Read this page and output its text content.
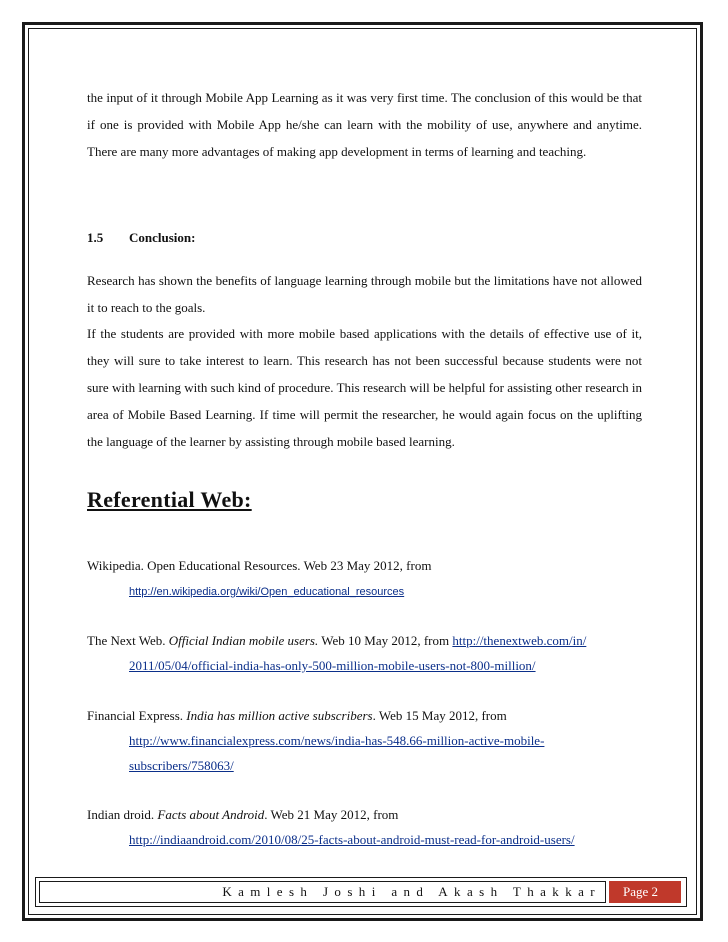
the input of it through Mobile App Learning as it was very first time. The conclusion of this would be that if one is provided with Mobile App he/she can learn with the mobility of use, anywhere and anytime. There are many more advantages of making app development in terms of learning and teaching.

1.5 Conclusion:

Research has shown the benefits of language learning through mobile but the limitations have not allowed it to reach to the goals.

If the students are provided with more mobile based applications with the details of effective use of it, they will sure to take interest to learn. This research has not been successful because students were not sure with learning with such kind of procedure. This research will be helpful for assisting other research in area of Mobile Based Learning. If time will permit the researcher, he would again focus on the uplifting the language of the learner by assisting through mobile based learning.

Referential Web:
Wikipedia. Open Educational Resources. Web 23 May 2012, from
http://en.wikipedia.org/wiki/Open_educational_resources
The Next Web. Official Indian mobile users. Web 10 May 2012, from http://thenextweb.com/in/
2011/05/04/official-india-has-only-500-million-mobile-users-not-800-million/
Financial Express. India has million active subscribers. Web 15 May 2012, from
http://www.financialexpress.com/news/india-has-548.66-million-active-mobile-
subscribers/758063/
Indian droid. Facts about Android. Web 21 May 2012, from
http://indiaandroid.com/2010/08/25-facts-about-android-must-read-for-android-users/
Kamlesh Joshi and Akash Thakkar	Page 2
